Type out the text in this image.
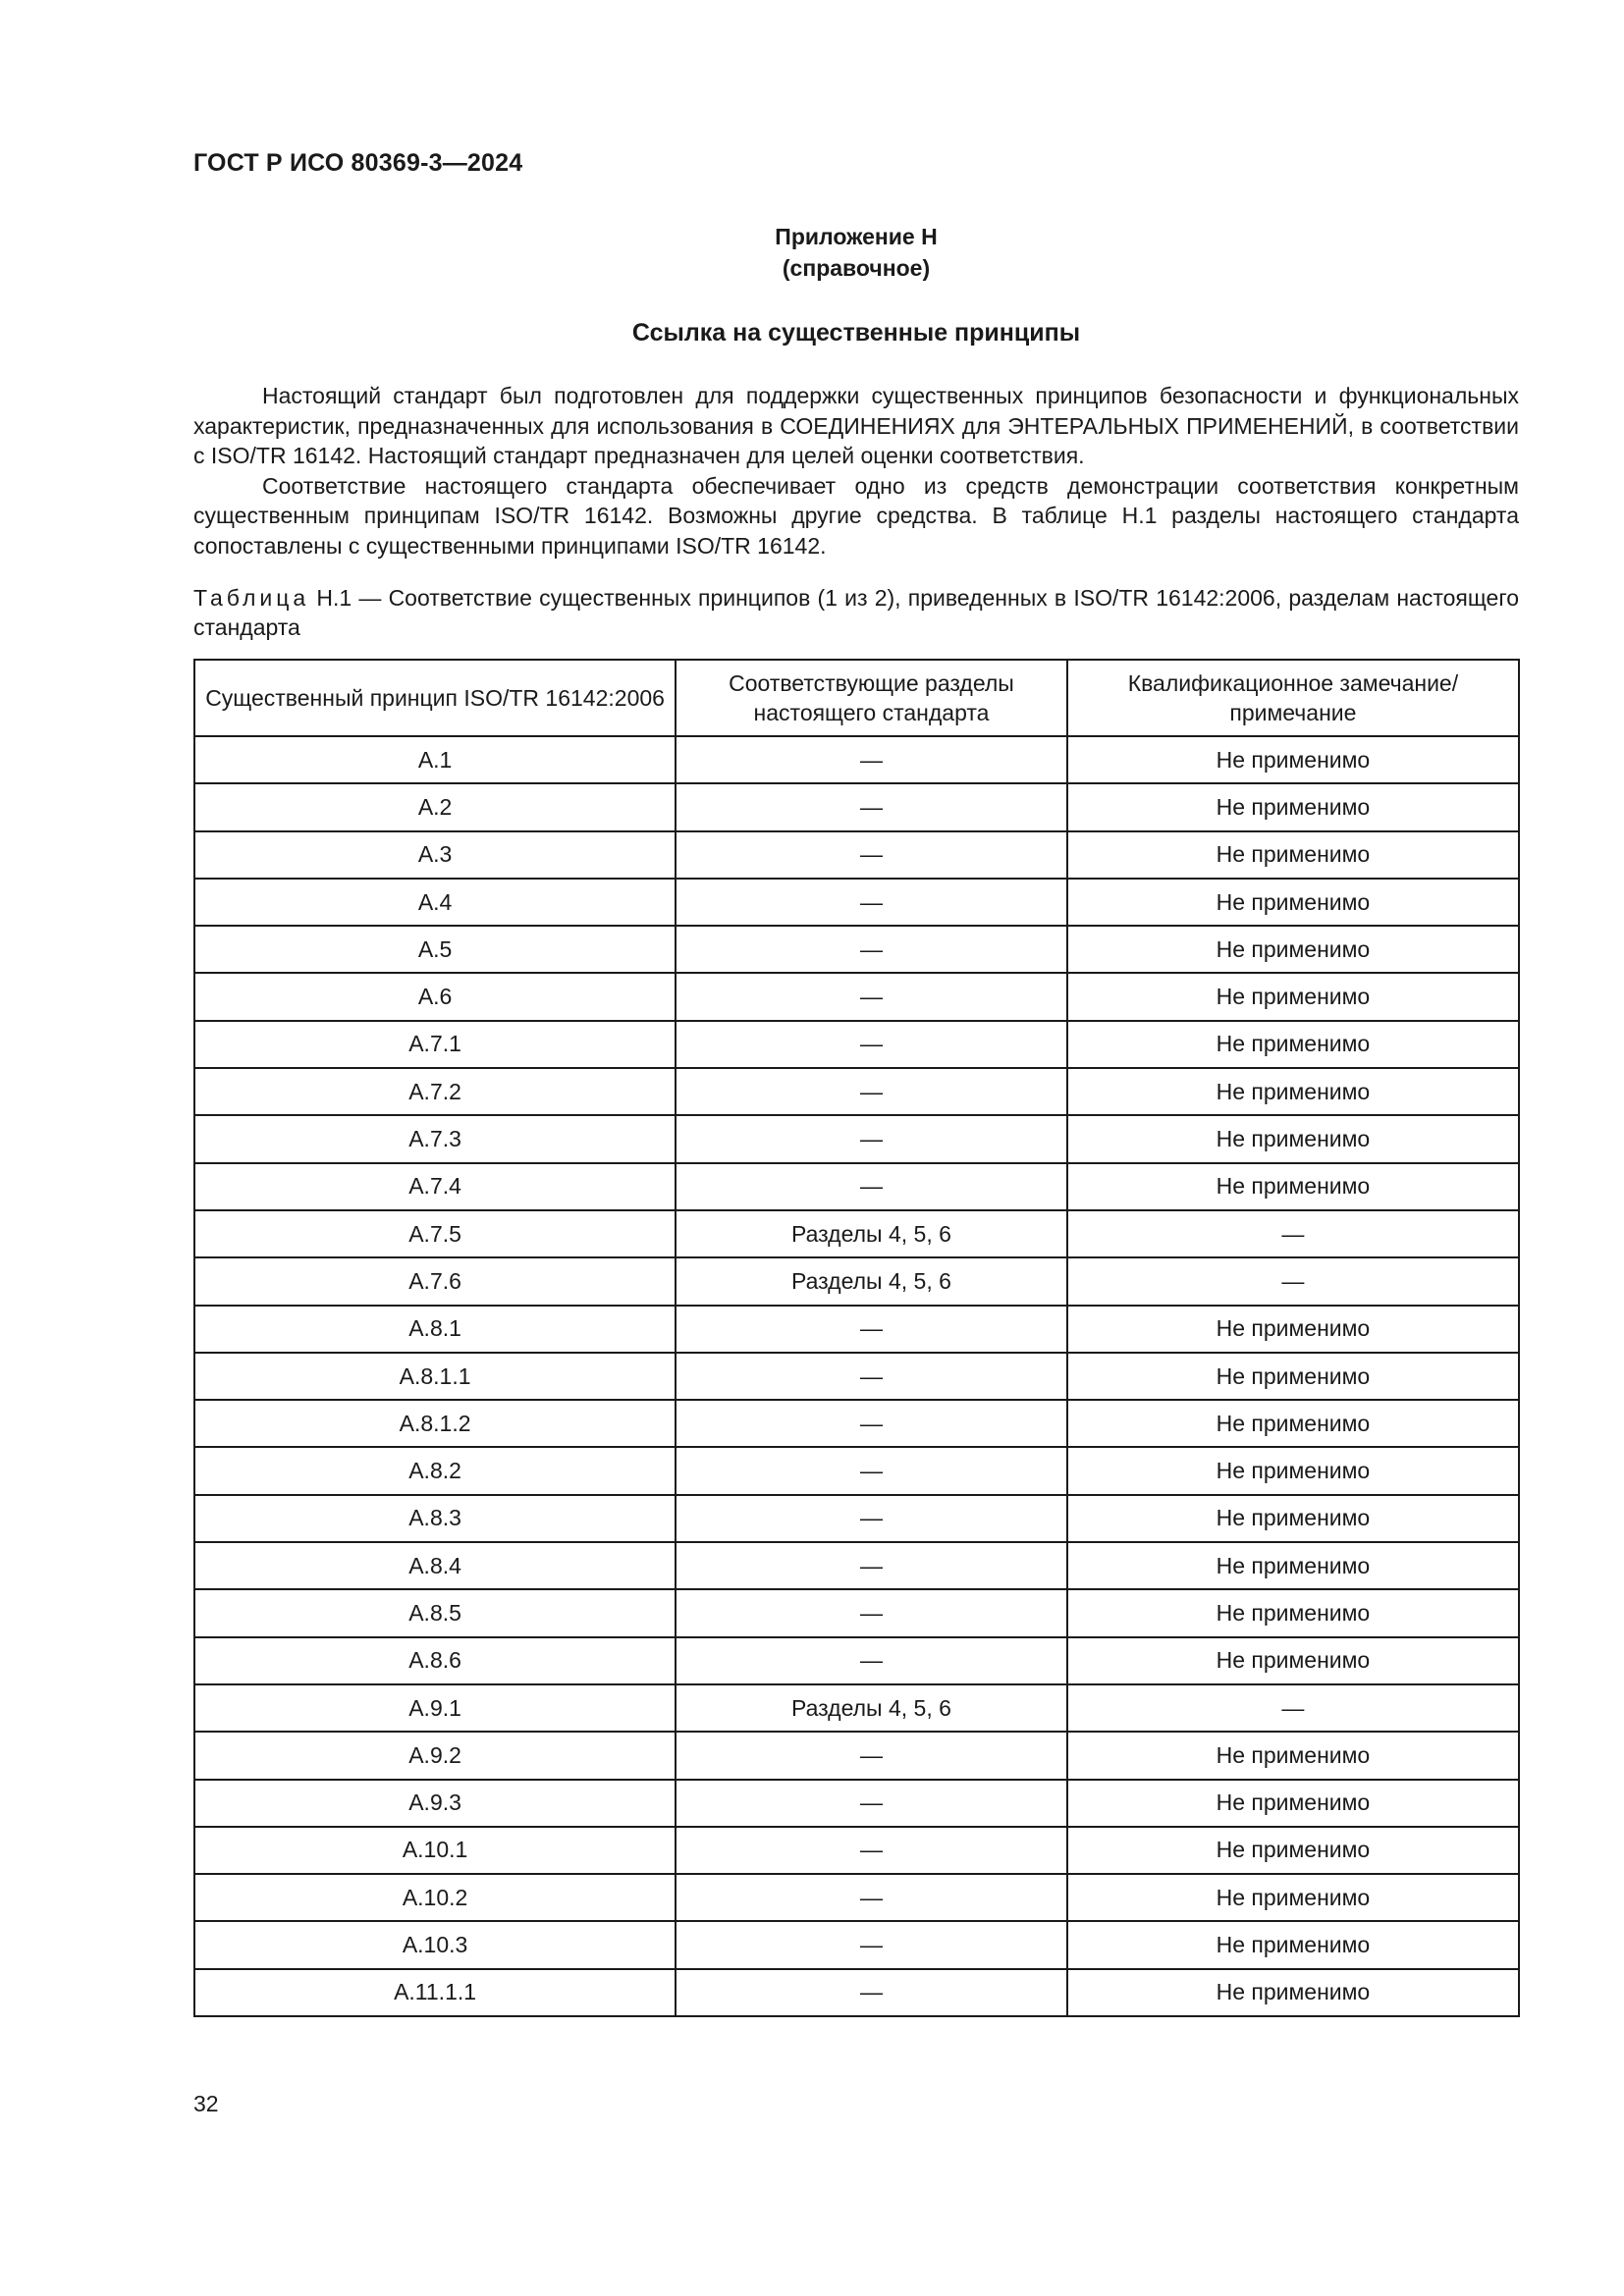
ГОСТ Р ИСО 80369-3—2024
Приложение Н
(справочное)
Ссылка на существенные принципы

Настоящий стандарт был подготовлен для поддержки существенных принципов безопасности и функциональных характеристик, предназначенных для использования в СОЕДИНЕНИЯХ для ЭНТЕРАЛЬНЫХ ПРИМЕНЕНИЙ, в соответствии с ISO/TR 16142. Настоящий стандарт предназначен для целей оценки соответствия.

Соответствие настоящего стандарта обеспечивает одно из средств демонстрации соответствия конкретным существенным принципам ISO/TR 16142. Возможны другие средства. В таблице Н.1 разделы настоящего стандарта сопоставлены с существенными принципами ISO/TR 16142.

Таблица Н.1 — Соответствие существенных принципов (1 из 2), приведенных в ISO/TR 16142:2006, разделам настоящего стандарта
Существенный принцип ISO/TR 16142:2006	Соответствующие разделы настоящего стандарта	Квалификационное замечание/ примечание
А.1	—	Не применимо
А.2	—	Не применимо
А.3	—	Не применимо
А.4	—	Не применимо
А.5	—	Не применимо
А.6	—	Не применимо
А.7.1	—	Не применимо
А.7.2	—	Не применимо
А.7.3	—	Не применимо
А.7.4	—	Не применимо
А.7.5	Разделы 4, 5, 6	—
А.7.6	Разделы 4, 5, 6	—
А.8.1	—	Не применимо
А.8.1.1	—	Не применимо
А.8.1.2	—	Не применимо
А.8.2	—	Не применимо
А.8.3	—	Не применимо
А.8.4	—	Не применимо
А.8.5	—	Не применимо
А.8.6	—	Не применимо
А.9.1	Разделы 4, 5, 6	—
А.9.2	—	Не применимо
А.9.3	—	Не применимо
А.10.1	—	Не применимо
А.10.2	—	Не применимо
А.10.3	—	Не применимо
А.11.1.1	—	Не применимо
32
